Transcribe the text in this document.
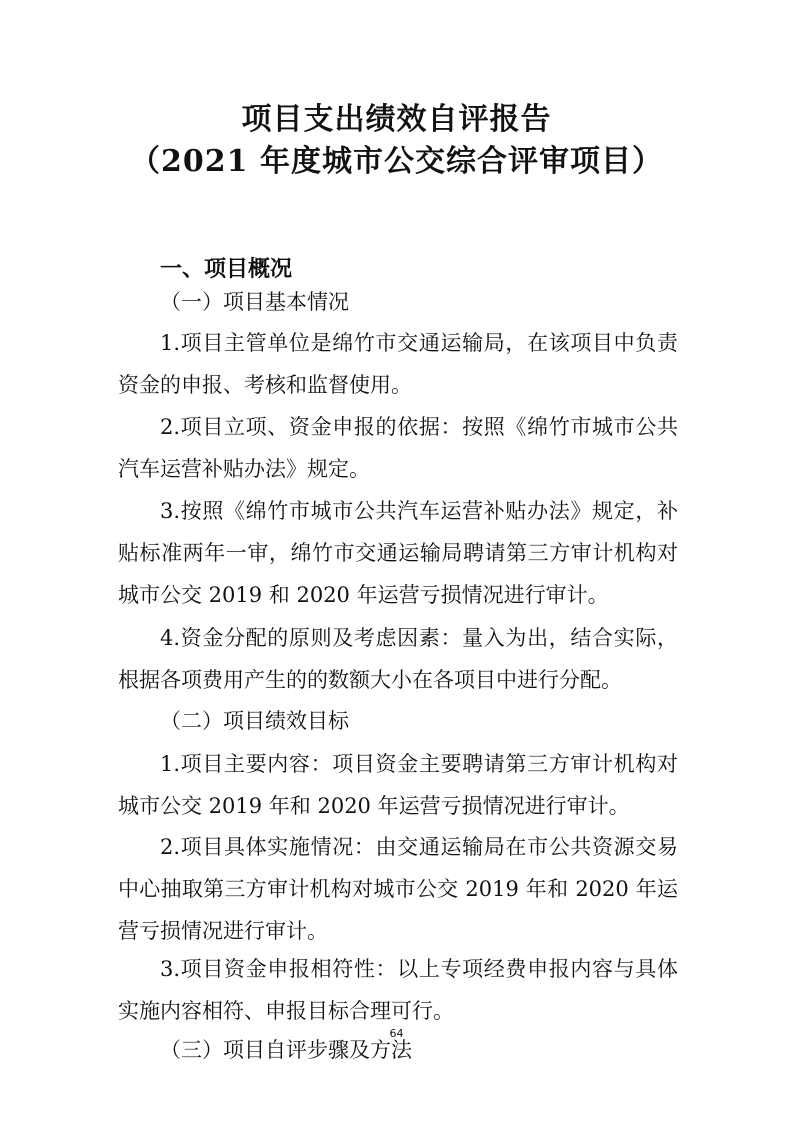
项目支出绩效自评报告
（2021 年度城市公交综合评审项目）
一、项目概况
（一）项目基本情况

1.项目主管单位是绵竹市交通运输局，在该项目中负责资金的申报、考核和监督使用。

2.项目立项、资金申报的依据：按照《绵竹市城市公共汽车运营补贴办法》规定。

3.按照《绵竹市城市公共汽车运营补贴办法》规定，补贴标准两年一审，绵竹市交通运输局聘请第三方审计机构对城市公交 2019 和 2020 年运营亏损情况进行审计。

4.资金分配的原则及考虑因素：量入为出，结合实际，根据各项费用产生的的数额大小在各项目中进行分配。

（二）项目绩效目标

1.项目主要内容：项目资金主要聘请第三方审计机构对城市公交 2019 年和 2020 年运营亏损情况进行审计。

2.项目具体实施情况：由交通运输局在市公共资源交易中心抽取第三方审计机构对城市公交 2019 年和 2020 年运营亏损情况进行审计。

3.项目资金申报相符性：以上专项经费申报内容与具体实施内容相符、申报目标合理可行。

（三）项目自评步骤及方法
64
